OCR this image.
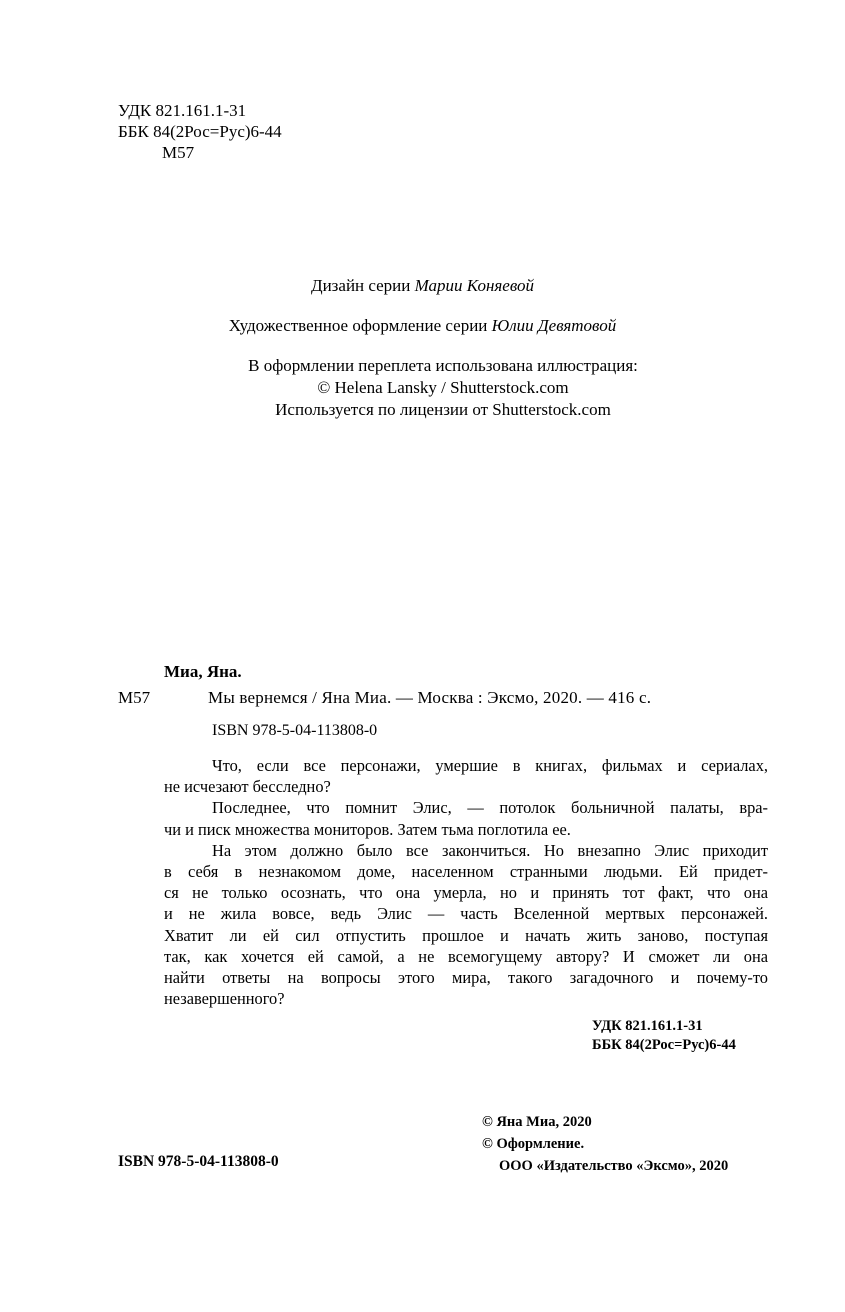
УДК 821.161.1-31
ББК 84(2Рос=Рус)6-44
М57
Дизайн серии Марии Коняевой
Художественное оформление серии Юлии Девятовой
В оформлении переплета использована иллюстрация:
© Helena Lansky / Shutterstock.com
Используется по лицензии от Shutterstock.com
Миа, Яна.
М57	Мы вернемся / Яна Миа. — Москва : Эксмо, 2020. — 416 с.
ISBN 978-5-04-113808-0

Что, если все персонажи, умершие в книгах, фильмах и сериалах,
не исчезают бесследно?

Последнее, что помнит Элис, — потолок больничной палаты, вра-
чи и писк множества мониторов. Затем тьма поглотила ее.

На этом должно было все закончиться. Но внезапно Элис приходит
в себя в незнакомом доме, населенном странными людьми. Ей придет-
ся не только осознать, что она умерла, но и принять тот факт, что она
и не жила вовсе, ведь Элис — часть Вселенной мертвых персонажей.
Хватит ли ей сил отпустить прошлое и начать жить заново, поступая
так, как хочется ей самой, а не всемогущему автору? И сможет ли она
найти ответы на вопросы этого мира, такого загадочного и почему-то
незавершенного?

УДК 821.161.1-31
ББК 84(2Рос=Рус)6-44
© Яна Миа, 2020
© Оформление.
ООО «Издательство «Эксмо», 2020
ISBN 978-5-04-113808-0
